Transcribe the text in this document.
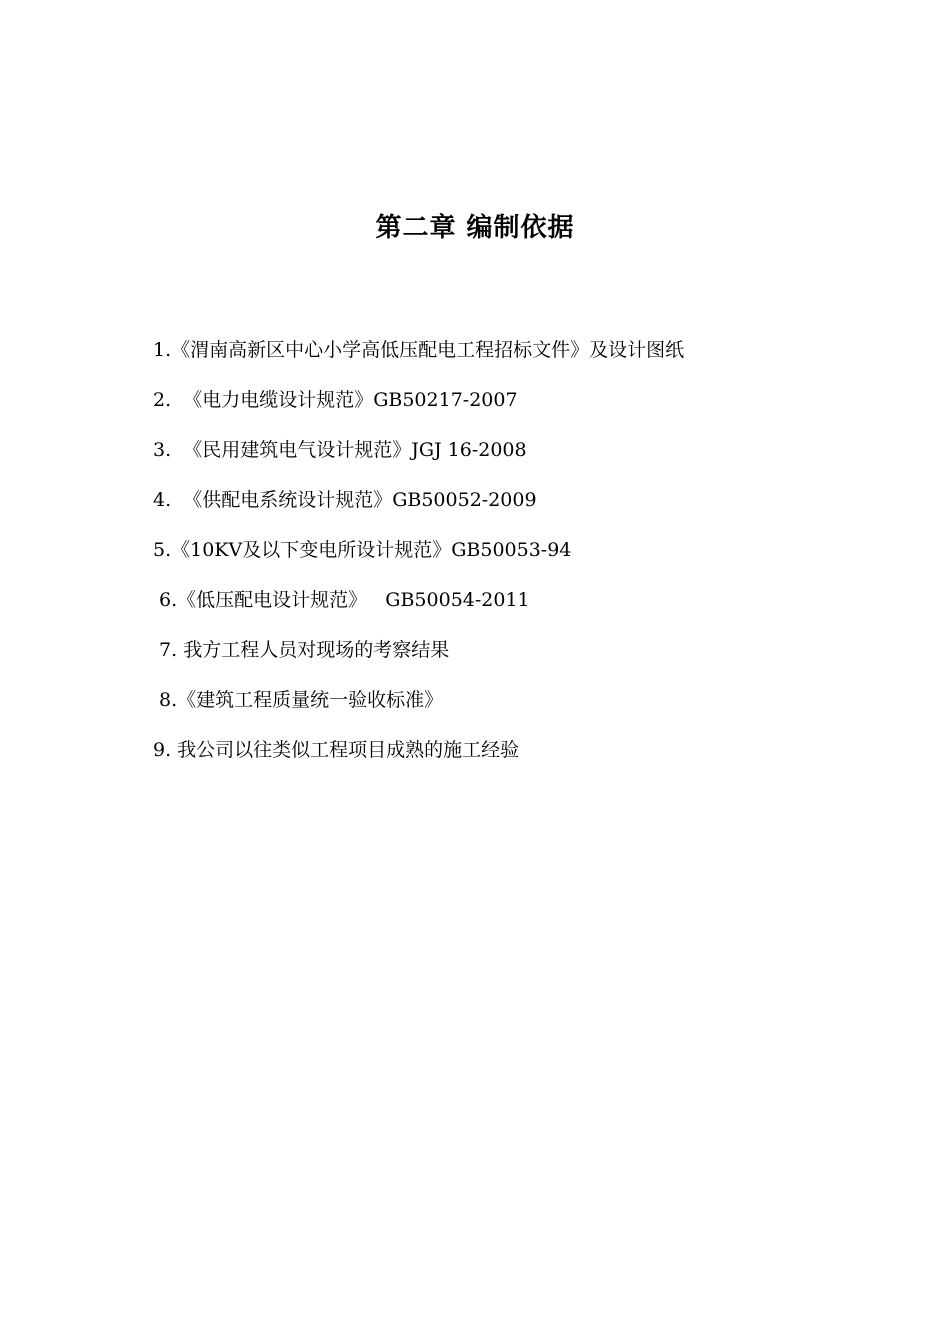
第二章 编制依据
1.《渭南高新区中心小学高低压配电工程招标文件》及设计图纸
2.  《电力电缆设计规范》GB50217-2007
3.  《民用建筑电气设计规范》JGJ 16-2008
4.  《供配电系统设计规范》GB50052-2009
5.《10KV及以下变电所设计规范》GB50053-94
6.《低压配电设计规范》   GB50054-2011
7. 我方工程人员对现场的考察结果
8.《建筑工程质量统一验收标准》
9. 我公司以往类似工程项目成熟的施工经验
